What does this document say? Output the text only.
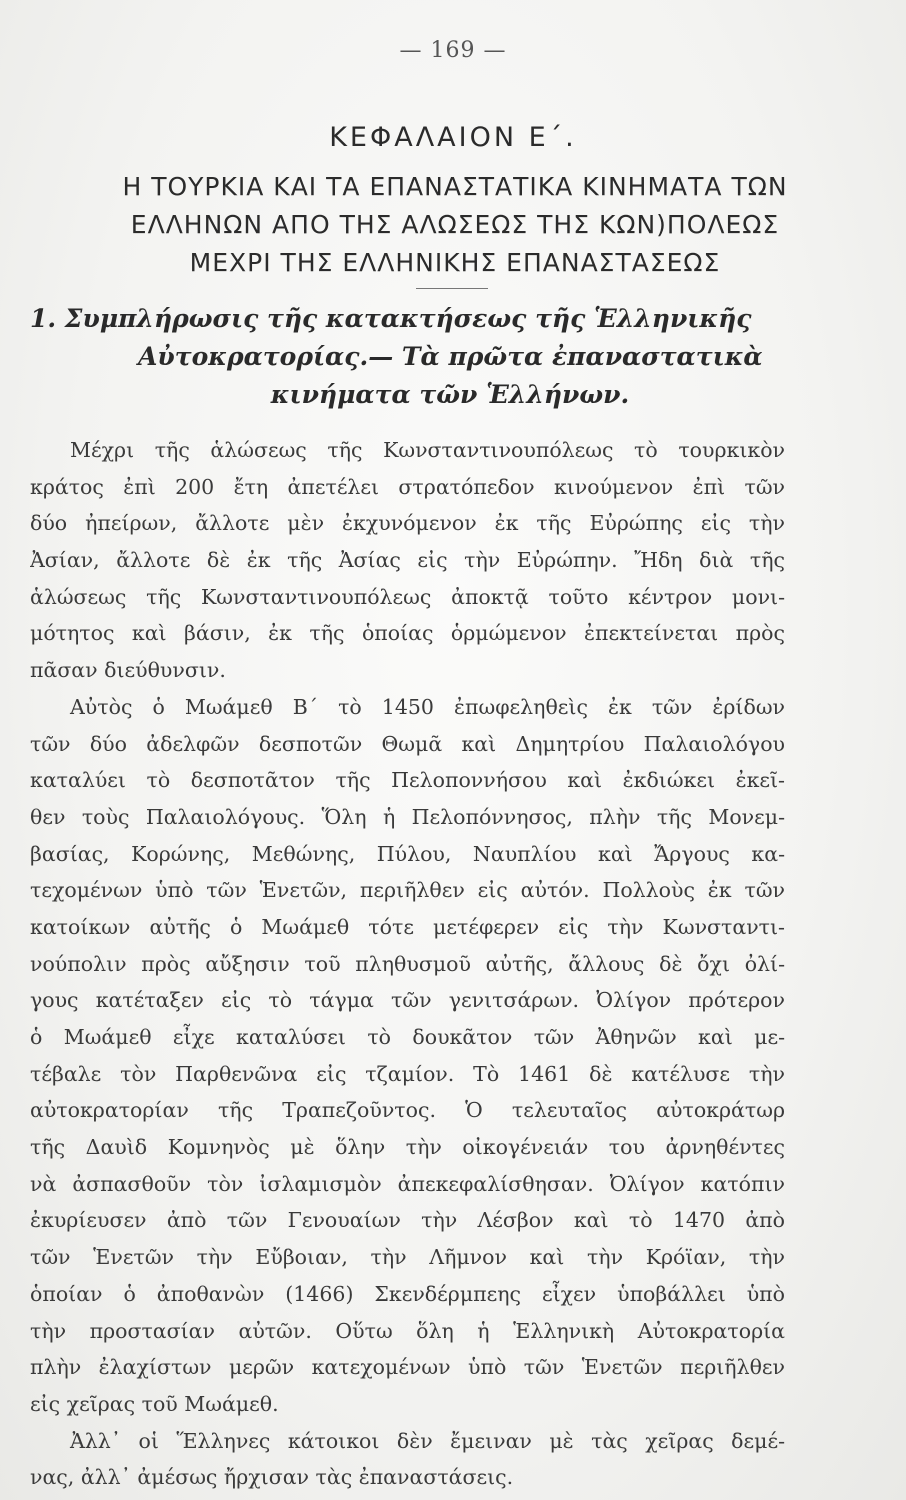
— 169 —
ΚΕΦΑΛΑΙΟΝ Ε΄.
Η ΤΟΥΡΚΙΑ ΚΑΙ ΤΑ ΕΠΑΝΑΣΤΑΤΙΚΑ ΚΙΝΗΜΑΤΑ ΤΩΝ
ΕΛΛΗΝΩΝ ΑΠΟ ΤΗΣ ΑΛΩΣΕΩΣ ΤΗΣ ΚΩΝ)ΠΟΛΕΩΣ
ΜΕΧΡΙ ΤΗΣ ΕΛΛΗΝΙΚΗΣ ΕΠΑΝΑΣΤΑΣΕΩΣ
1. Συμπλήρωσις τῆς κατακτήσεως τῆς Ἑλληνικῆς
Αὐτοκρατορίας.— Τὰ πρῶτα ἐπαναστατικὰ
κινήματα τῶν Ἑλλήνων.
Μέχρι τῆς ἁλώσεως τῆς Κωνσταντινουπόλεως τὸ τουρκικὸν
κράτος ἐπὶ 200 ἔτη ἀπετέλει στρατόπεδον κινούμενον ἐπὶ τῶν
δύο ἠπείρων, ἄλλοτε μὲν ἐκχυνόμενον ἐκ τῆς Εὐρώπης εἰς τὴν
Ἀσίαν, ἄλλοτε δὲ ἐκ τῆς Ἀσίας εἰς τὴν Εὐρώπην. Ἤδη διὰ τῆς
ἁλώσεως τῆς Κωνσταντινουπόλεως ἀποκτᾷ τοῦτο κέντρον μονι-
μότητος καὶ βάσιν, ἐκ τῆς ὁποίας ὁρμώμενον ἐπεκτείνεται πρὸς
πᾶσαν διεύθυνσιν.
Αὐτὸς ὁ Μωάμεθ Β΄ τὸ 1450 ἐπωφεληθεὶς ἐκ τῶν ἐρίδων
τῶν δύο ἀδελφῶν δεσποτῶν Θωμᾶ καὶ Δημητρίου Παλαιολόγου
καταλύει τὸ δεσποτᾶτον τῆς Πελοποννήσου καὶ ἐκδιώκει ἐκεῖ-
θεν τοὺς Παλαιολόγους. Ὅλη ἡ Πελοπόννησος, πλὴν τῆς Μονεμ-
βασίας, Κορώνης, Μεθώνης, Πύλου, Ναυπλίου καὶ Ἄργους κα-
τεχομένων ὑπὸ τῶν Ἑνετῶν, περιῆλθεν εἰς αὐτόν. Πολλοὺς ἐκ τῶν
κατοίκων αὐτῆς ὁ Μωάμεθ τότε μετέφερεν εἰς τὴν Κωνσταντι-
νούπολιν πρὸς αὔξησιν τοῦ πληθυσμοῦ αὐτῆς, ἄλλους δὲ ὄχι ὀλί-
γους κατέταξεν εἰς τὸ τάγμα τῶν γενιτσάρων. Ὀλίγον πρότερον
ὁ Μωάμεθ εἶχε καταλύσει τὸ δουκᾶτον τῶν Ἀθηνῶν καὶ με-
τέβαλε τὸν Παρθενῶνα εἰς τζαμίον. Τὸ 1461 δὲ κατέλυσε τὴν
αὐτοκρατορίαν τῆς Τραπεζοῦντος. Ὁ τελευταῖος αὐτοκράτωρ
τῆς Δαυὶδ Κομνηνὸς μὲ ὅλην τὴν οἰκογένειάν του ἀρνηθέντες
νὰ ἀσπασθοῦν τὸν ἰσλαμισμὸν ἀπεκεφαλίσθησαν. Ὀλίγον κατόπιν
ἐκυρίευσεν ἀπὸ τῶν Γενουαίων τὴν Λέσβον καὶ τὸ 1470 ἀπὸ
τῶν Ἑνετῶν τὴν Εὔβοιαν, τὴν Λῆμνον καὶ τὴν Κρόϊαν, τὴν
ὁποίαν ὁ ἀποθανὼν (1466) Σκενδέρμπεης εἶχεν ὑποβάλλει ὑπὸ
τὴν προστασίαν αὐτῶν. Οὕτω ὅλη ἡ Ἑλληνικὴ Αὐτοκρατορία
πλὴν ἐλαχίστων μερῶν κατεχομένων ὑπὸ τῶν Ἑνετῶν περιῆλθεν
εἰς χεῖρας τοῦ Μωάμεθ.
Ἀλλ᾽ οἱ Ἕλληνες κάτοικοι δὲν ἔμειναν μὲ τὰς χεῖρας δεμέ-
νας, ἀλλ᾽ ἀμέσως ἤρχισαν τὰς ἐπαναστάσεις.
